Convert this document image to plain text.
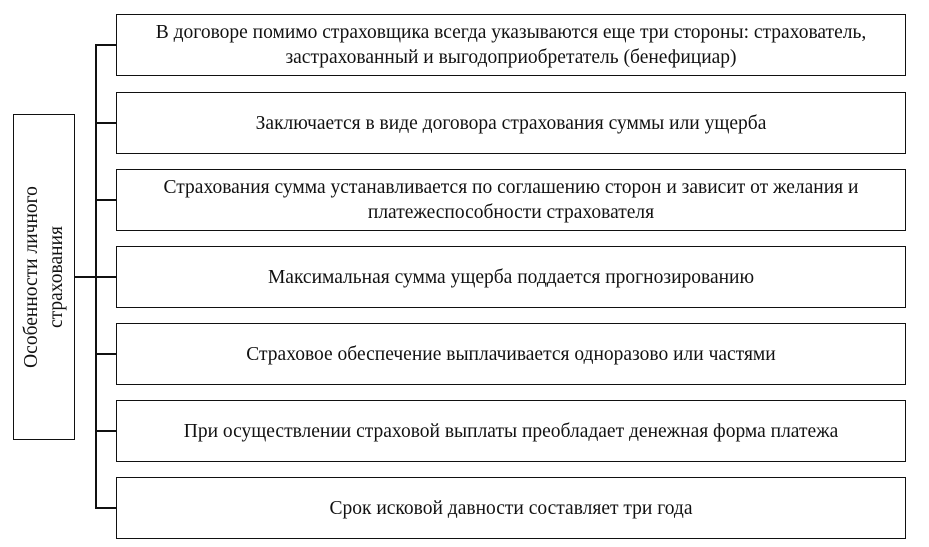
Особенности личного страхования
В договоре помимо страховщика всегда указываются еще три стороны: страхователь, застрахованный и выгодоприобретатель (бенефициар)
Заключается в виде договора страхования суммы или ущерба
Страхования сумма устанавливается по соглашению сторон и зависит от желания и платежеспособности страхователя
Максимальная сумма ущерба поддается прогнозированию
Страховое обеспечение выплачивается одноразово или частями
При осуществлении страховой выплаты преобладает денежная форма платежа
Срок исковой давности составляет три года
